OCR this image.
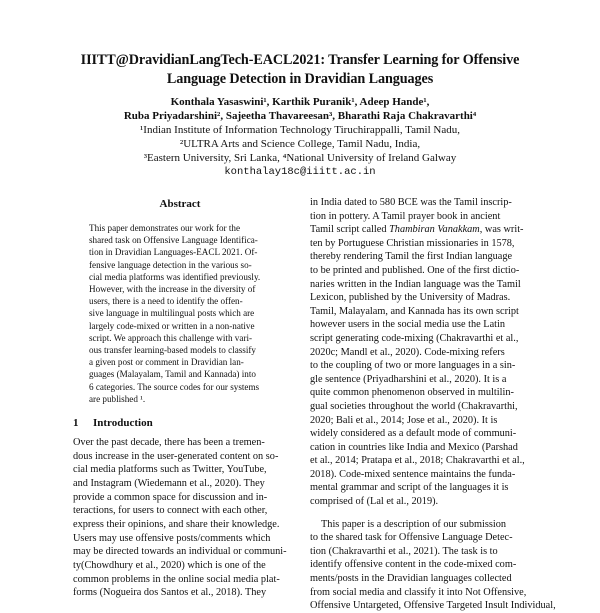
IIITT@DravidianLangTech-EACL2021: Transfer Learning for Offensive
Language Detection in Dravidian Languages
Konthala Yasaswini¹, Karthik Puranik¹, Adeep Hande¹,
Ruba Priyadarshini², Sajeetha Thavareesan³, Bharathi Raja Chakravarthi⁴
¹Indian Institute of Information Technology Tiruchirappalli, Tamil Nadu,
²ULTRA Arts and Science College, Tamil Nadu, India,
³Eastern University, Sri Lanka, ⁴National University of Ireland Galway
konthalay18c@iiitt.ac.in
Abstract
This paper demonstrates our work for the
shared task on Offensive Language Identifica-
tion in Dravidian Languages-EACL 2021. Of-
fensive language detection in the various so-
cial media platforms was identified previously.
However, with the increase in the diversity of
users, there is a need to identify the offen-
sive language in multilingual posts which are
largely code-mixed or written in a non-native
script. We approach this challenge with vari-
ous transfer learning-based models to classify
a given post or comment in Dravidian lan-
guages (Malayalam, Tamil and Kannada) into
6 categories. The source codes for our systems
are published ¹.
1 Introduction
Over the past decade, there has been a tremen-
dous increase in the user-generated content on so-
cial media platforms such as Twitter, YouTube,
and Instagram (Wiedemann et al., 2020). They
provide a common space for discussion and in-
teractions, for users to connect with each other,
express their opinions, and share their knowledge.
Users may use offensive posts/comments which
may be directed towards an individual or communi-
ty(Chowdhury et al., 2020) which is one of the
common problems in the online social media plat-
forms (Nogueira dos Santos et al., 2018). They
in India dated to 580 BCE was the Tamil inscrip-
tion in pottery. A Tamil prayer book in ancient
Tamil script called Thambiran Vanakkam, was writ-
ten by Portuguese Christian missionaries in 1578,
thereby rendering Tamil the first Indian language
to be printed and published. One of the first dictio-
naries written in the Indian language was the Tamil
Lexicon, published by the University of Madras.
Tamil, Malayalam, and Kannada has its own script
however users in the social media use the Latin
script generating code-mixing (Chakravarthi et al.,
2020c; Mandl et al., 2020). Code-mixing refers
to the coupling of two or more languages in a sin-
gle sentence (Priyadharshini et al., 2020). It is a
quite common phenomenon observed in multilin-
gual societies throughout the world (Chakravarthi,
2020; Bali et al., 2014; Jose et al., 2020). It is
widely considered as a default mode of communi-
cation in countries like India and Mexico (Parshad
et al., 2014; Pratapa et al., 2018; Chakravarthi et al.,
2018). Code-mixed sentence maintains the funda-
mental grammar and script of the languages it is
comprised of (Lal et al., 2019).
This paper is a description of our submission
to the shared task for Offensive Language Detec-
tion (Chakravarthi et al., 2021). The task is to
identify offensive content in the code-mixed com-
ments/posts in the Dravidian languages collected
from social media and classify it into Not Offensive,
Offensive Untargeted, Offensive Targeted Insult Individual,
